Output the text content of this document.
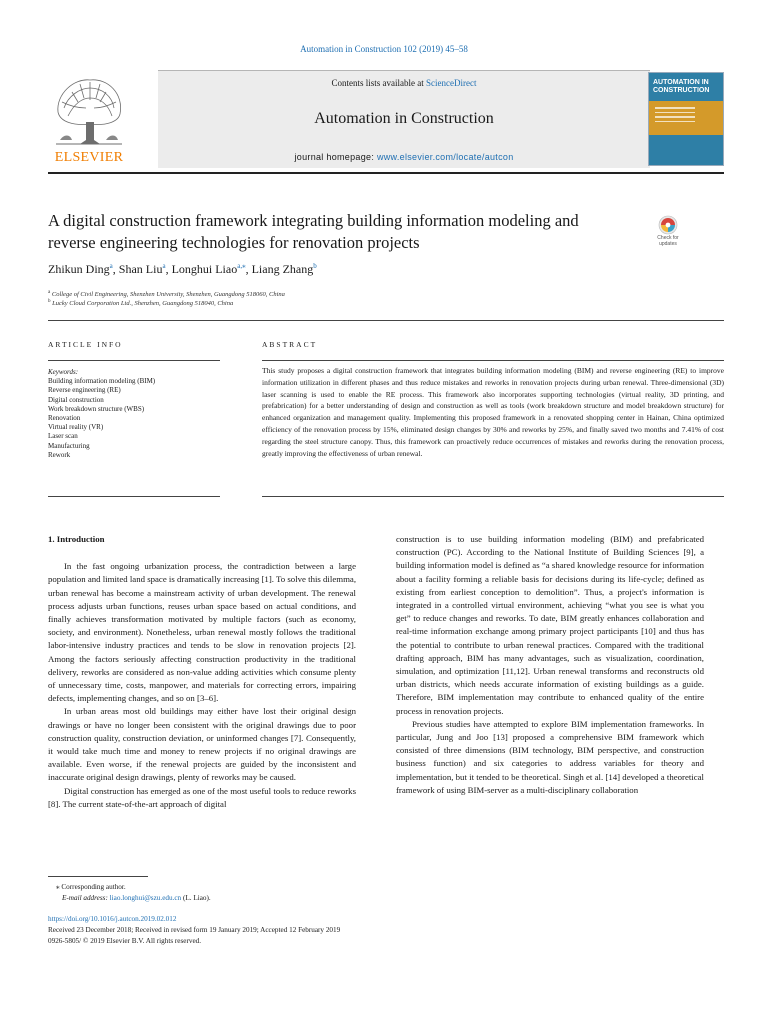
Automation in Construction 102 (2019) 45–58
ELSEVIER
Contents lists available at ScienceDirect
Automation in Construction
journal homepage: www.elsevier.com/locate/autcon
AUTOMATION IN CONSTRUCTION
A digital construction framework integrating building information modeling and reverse engineering technologies for renovation projects	Check for updates
Zhikun Ding$^a$, Shan Liu$^a$, Longhui Liao$^{a,⁎}$, Liang Zhang$^b$
$^a$ College of Civil Engineering, Shenzhen University, Shenzhen, Guangdong 518060, China
$^b$ Lucky Cloud Corporation Ltd., Shenzhen, Guangdong 518040, China
ARTICLE INFO	ABSTRACT
Keywords:
Building information modeling (BIM)
Reverse engineering (RE)
Digital construction
Work breakdown structure (WBS)
Renovation
Virtual reality (VR)
Laser scan
Manufacturing
Rework
This study proposes a digital construction framework that integrates building information modeling (BIM) and reverse engineering (RE) to improve information utilization in different phases and thus reduce mistakes and reworks in renovation projects during urban renewal. Three-dimensional (3D) laser scanning is used to enable the RE process. This framework also incorporates supporting technologies (virtual reality, 3D printing, and prefabrication) for a better understanding of design and construction as well as tools (work breakdown structure and model breakdown structure) for enhanced organization and management quality. Implementing this proposed framework in a renovated shopping center in Hainan, China optimized efficiency of the renovation process by 15%, eliminated design changes by 30% and reworks by 25%, and finally saved two months and 7.41% of cost regarding the steel structure canopy. Thus, this framework can proactively reduce occurrences of mistakes and reworks during the renovation process, greatly improving the effectiveness of urban renewal.

1. Introduction

In the fast ongoing urbanization process, the contradiction between a large population and limited land space is dramatically increasing [1]. To solve this dilemma, urban renewal has become a mainstream activity of urban development. The renewal process adjusts urban functions, reuses urban space based on actual conditions, and finally achieves transformation motivated by multiple factors (such as economy, society, and environment). Nonetheless, urban renewal mostly follows the traditional labor-intensive industry practices and tends to be slow in renovation projects [2]. Among the factors seriously affecting construction productivity in the traditional delivery, reworks are considered as non-value adding activities which consume plenty of unnecessary time, costs, manpower, and materials for correcting errors, impairing defects, implementing changes, and so on [3–6].

In urban areas most old buildings may either have lost their original design drawings or have no longer been consistent with the original drawings due to poor construction quality, construction deviation, or uninformed changes [7]. Consequently, it would take much time and money to renew projects if no original drawings are available. Even worse, if the renewal projects are guided by the inconsistent and inaccurate original design drawings, plenty of reworks may be caused.

Digital construction has emerged as one of the most useful tools to reduce reworks [8]. The current state-of-the-art approach of digital

construction is to use building information modeling (BIM) and prefabricated construction (PC). According to the National Institute of Building Sciences [9], a building information model is defined as “a shared knowledge resource for information about a facility forming a reliable basis for decisions during its life-cycle; defined as existing from earliest conception to demolition”. Thus, a project's information is integrated in a controlled virtual environment, achieving “what you see is what you get” to reduce changes and reworks. To date, BIM greatly enhances collaboration and real-time information exchange among primary project participants [10] and thus has the potential to contribute to urban renewal practices. Compared with the traditional drafting approach, BIM has many advantages, such as visualization, coordination, simulation, and optimization [11,12]. Urban renewal transforms and reconstructs old urban districts, which needs accurate information of existing buildings as a guide. Therefore, BIM implementation may contribute to enhanced quality of the entire process in renovation projects.

Previous studies have attempted to explore BIM implementation frameworks. In particular, Jung and Joo [13] proposed a comprehensive BIM framework which consisted of three dimensions (BIM technology, BIM perspective, and construction business function) and six categories to address variables for theory and implementation, but it tended to be theoretical. Singh et al. [14] developed a theoretical framework of using BIM-server as a multi-disciplinary collaboration

⁎ Corresponding author.
E-mail address: liao.longhui@szu.edu.cn (L. Liao).
https://doi.org/10.1016/j.autcon.2019.02.012
Received 23 December 2018; Received in revised form 19 January 2019; Accepted 12 February 2019
0926-5805/ © 2019 Elsevier B.V. All rights reserved.
